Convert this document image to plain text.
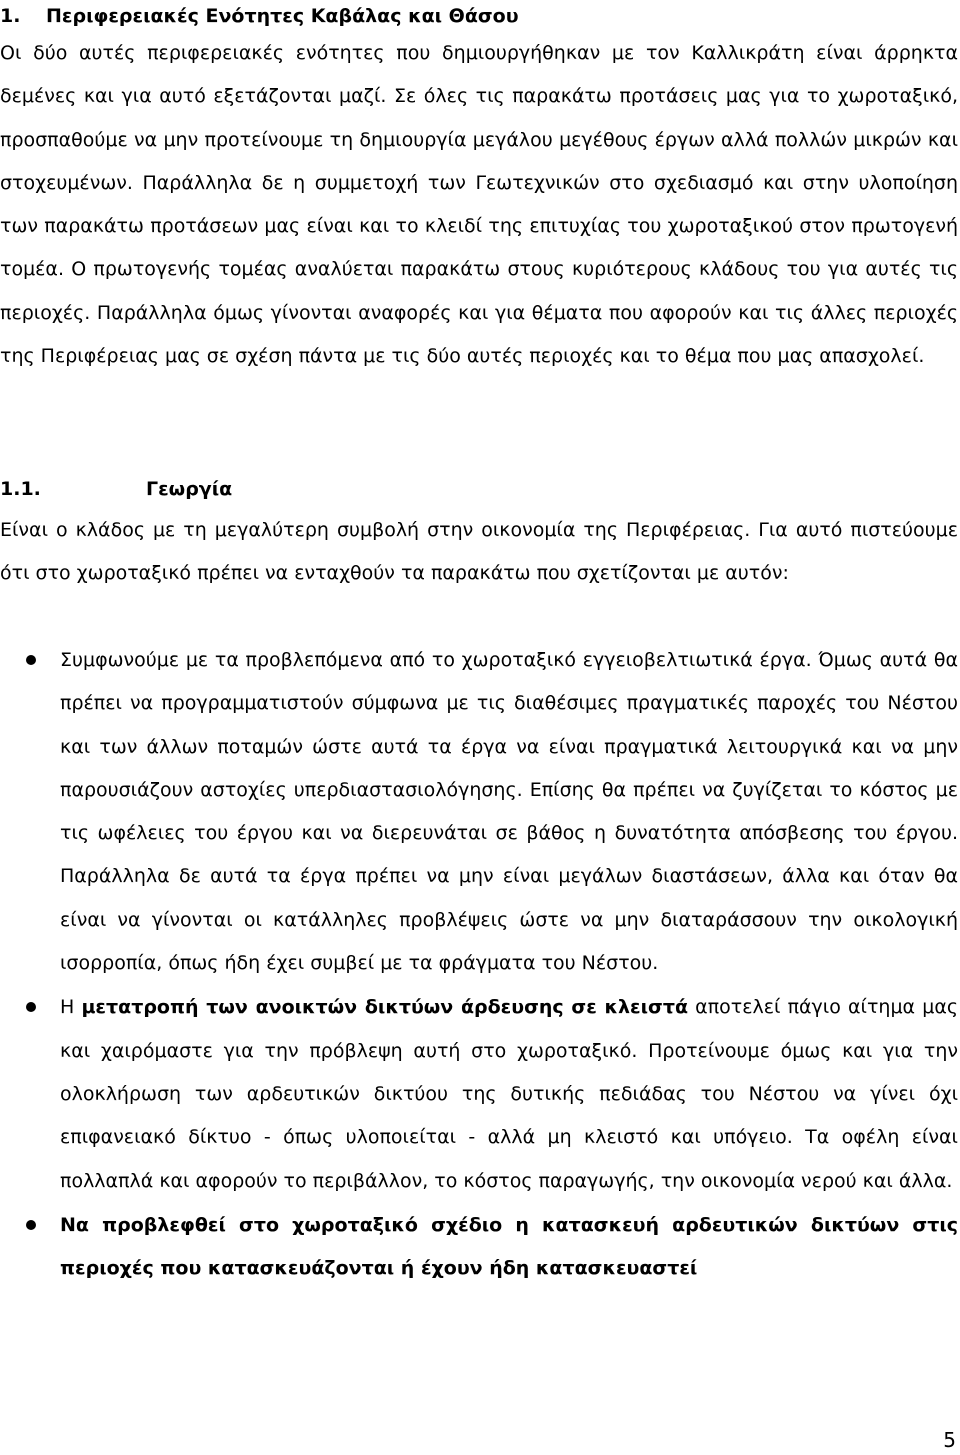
1. Περιφερειακές Ενότητες Καβάλας και Θάσου

Οι δύο αυτές περιφερειακές ενότητες που δημιουργήθηκαν με τον Καλλικράτη είναι άρρηκτα δεμένες και για αυτό εξετάζονται μαζί. Σε όλες τις παρακάτω προτάσεις μας για το χωροταξικό, προσπαθούμε να μην προτείνουμε τη δημιουργία μεγάλου μεγέθους έργων αλλά πολλών μικρών και στοχευμένων. Παράλληλα δε η συμμετοχή των Γεωτεχνικών στο σχεδιασμό και στην υλοποίηση των παρακάτω προτάσεων μας είναι και το κλειδί της επιτυχίας του χωροταξικού στον πρωτογενή τομέα. Ο πρωτογενής τομέας αναλύεται παρακάτω στους κυριότερους κλάδους του για αυτές τις περιοχές. Παράλληλα όμως γίνονται αναφορές και για θέματα που αφορούν και τις άλλες περιοχές της Περιφέρειας μας σε σχέση πάντα με τις δύο αυτές περιοχές και το θέμα που μας απασχολεί.

1.1.	Γεωργία

Είναι ο κλάδος με τη μεγαλύτερη συμβολή στην οικονομία της Περιφέρειας. Για αυτό πιστεύουμε ότι στο χωροταξικό πρέπει να ενταχθούν τα παρακάτω που σχετίζονται με αυτόν:

Συμφωνούμε με τα προβλεπόμενα από το χωροταξικό εγγειοβελτιωτικά έργα. Όμως αυτά θα πρέπει να προγραμματιστούν σύμφωνα με τις διαθέσιμες πραγματικές παροχές του Νέστου και των άλλων ποταμών ώστε αυτά τα έργα να είναι πραγματικά λειτουργικά και να μην παρουσιάζουν αστοχίες υπερδιαστασιολόγησης. Επίσης θα πρέπει να ζυγίζεται το κόστος με τις ωφέλειες του έργου και να διερευνάται σε βάθος η δυνατότητα απόσβεσης του έργου. Παράλληλα δε αυτά τα έργα πρέπει να μην είναι μεγάλων διαστάσεων, άλλα και όταν θα είναι να γίνονται οι κατάλληλες προβλέψεις ώστε να μην διαταράσσουν την οικολογική ισορροπία, όπως ήδη έχει συμβεί με τα φράγματα του Νέστου.
Η μετατροπή των ανοικτών δικτύων άρδευσης σε κλειστά αποτελεί πάγιο αίτημα μας και χαιρόμαστε για την πρόβλεψη αυτή στο χωροταξικό. Προτείνουμε όμως και για την ολοκλήρωση των αρδευτικών δικτύου της δυτικής πεδιάδας του Νέστου να γίνει όχι επιφανειακό δίκτυο - όπως υλοποιείται - αλλά μη κλειστό και υπόγειο. Τα οφέλη είναι πολλαπλά και αφορούν το περιβάλλον, το κόστος παραγωγής, την οικονομία νερού και άλλα.
Να προβλεφθεί στο χωροταξικό σχέδιο η κατασκευή αρδευτικών δικτύων στις περιοχές που κατασκευάζονται ή έχουν ήδη κατασκευαστεί
5
